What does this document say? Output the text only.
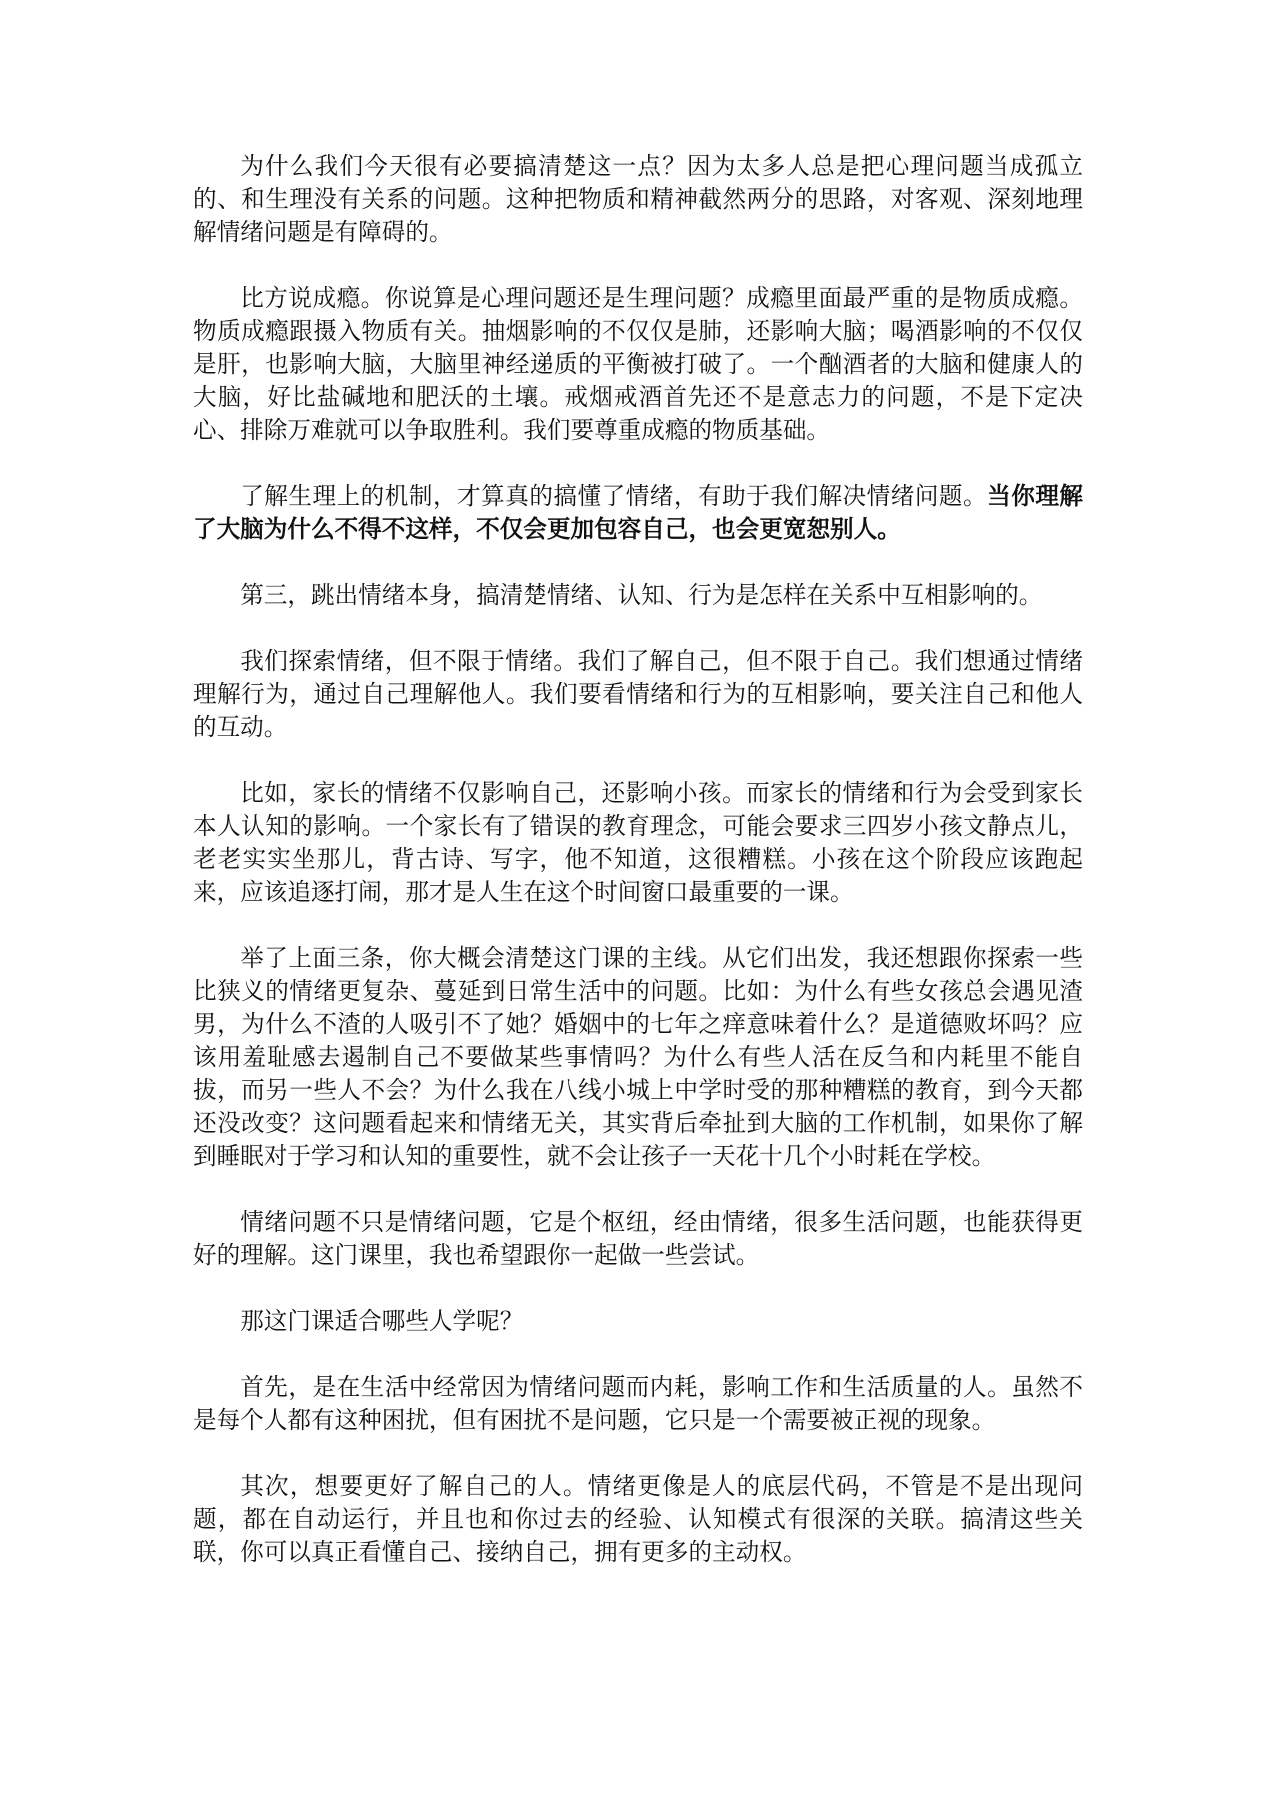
为什么我们今天很有必要搞清楚这一点？因为太多人总是把心理问题当成孤立的、和生理没有关系的问题。这种把物质和精神截然两分的思路，对客观、深刻地理解情绪问题是有障碍的。

比方说成瘾。你说算是心理问题还是生理问题？成瘾里面最严重的是物质成瘾。物质成瘾跟摄入物质有关。抽烟影响的不仅仅是肺，还影响大脑；喝酒影响的不仅仅是肝，也影响大脑，大脑里神经递质的平衡被打破了。一个酗酒者的大脑和健康人的大脑，好比盐碱地和肥沃的土壤。戒烟戒酒首先还不是意志力的问题，不是下定决心、排除万难就可以争取胜利。我们要尊重成瘾的物质基础。

了解生理上的机制，才算真的搞懂了情绪，有助于我们解决情绪问题。当你理解了大脑为什么不得不这样，不仅会更加包容自己，也会更宽恕别人。

第三，跳出情绪本身，搞清楚情绪、认知、行为是怎样在关系中互相影响的。

我们探索情绪，但不限于情绪。我们了解自己，但不限于自己。我们想通过情绪理解行为，通过自己理解他人。我们要看情绪和行为的互相影响，要关注自己和他人的互动。

比如，家长的情绪不仅影响自己，还影响小孩。而家长的情绪和行为会受到家长本人认知的影响。一个家长有了错误的教育理念，可能会要求三四岁小孩文静点儿，老老实实坐那儿，背古诗、写字，他不知道，这很糟糕。小孩在这个阶段应该跑起来，应该追逐打闹，那才是人生在这个时间窗口最重要的一课。

举了上面三条，你大概会清楚这门课的主线。从它们出发，我还想跟你探索一些比狭义的情绪更复杂、蔓延到日常生活中的问题。比如：为什么有些女孩总会遇见渣男，为什么不渣的人吸引不了她？婚姻中的七年之痒意味着什么？是道德败坏吗？应该用羞耻感去遏制自己不要做某些事情吗？为什么有些人活在反刍和内耗里不能自拔，而另一些人不会？为什么我在八线小城上中学时受的那种糟糕的教育，到今天都还没改变？这问题看起来和情绪无关，其实背后牵扯到大脑的工作机制，如果你了解到睡眠对于学习和认知的重要性，就不会让孩子一天花十几个小时耗在学校。

情绪问题不只是情绪问题，它是个枢纽，经由情绪，很多生活问题，也能获得更好的理解。这门课里，我也希望跟你一起做一些尝试。

那这门课适合哪些人学呢？

首先，是在生活中经常因为情绪问题而内耗，影响工作和生活质量的人。虽然不是每个人都有这种困扰，但有困扰不是问题，它只是一个需要被正视的现象。

其次，想要更好了解自己的人。情绪更像是人的底层代码，不管是不是出现问题，都在自动运行，并且也和你过去的经验、认知模式有很深的关联。搞清这些关联，你可以真正看懂自己、接纳自己，拥有更多的主动权。
